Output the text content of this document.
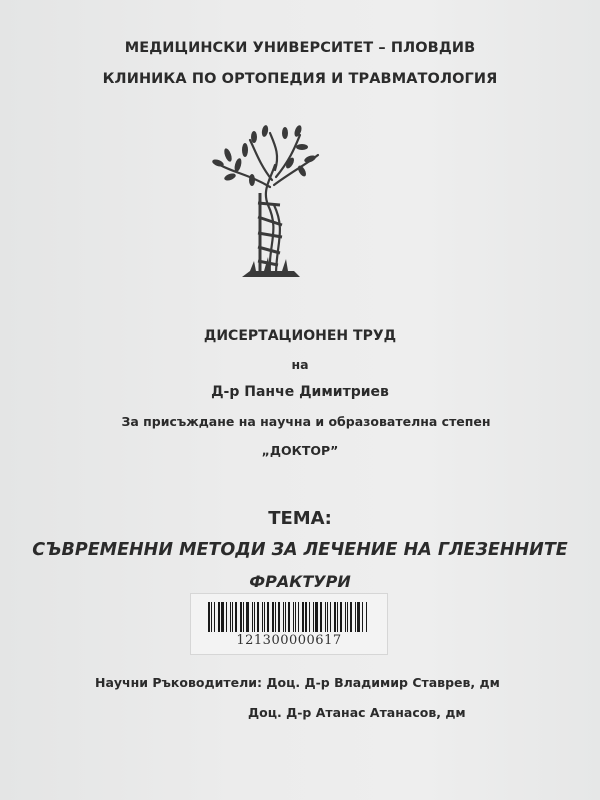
МЕДИЦИНСКИ УНИВЕРСИТЕТ – ПЛОВДИВ
КЛИНИКА ПО ОРТОПЕДИЯ И ТРАВМАТОЛОГИЯ
ДИСЕРТАЦИОНЕН ТРУД
на
Д-р Панче Димитриев
За присъждане на научна и образователна степен
„ДОКТОР”
ТЕМА:
СЪВРЕМЕННИ МЕТОДИ ЗА ЛЕЧЕНИЕ НА ГЛЕЗЕННИТЕ
ФРАКТУРИ
121300000617
Научни Ръководители: Доц. Д-р Владимир Ставрев, дм
Доц. Д-р Атанас Атанасов, дм
